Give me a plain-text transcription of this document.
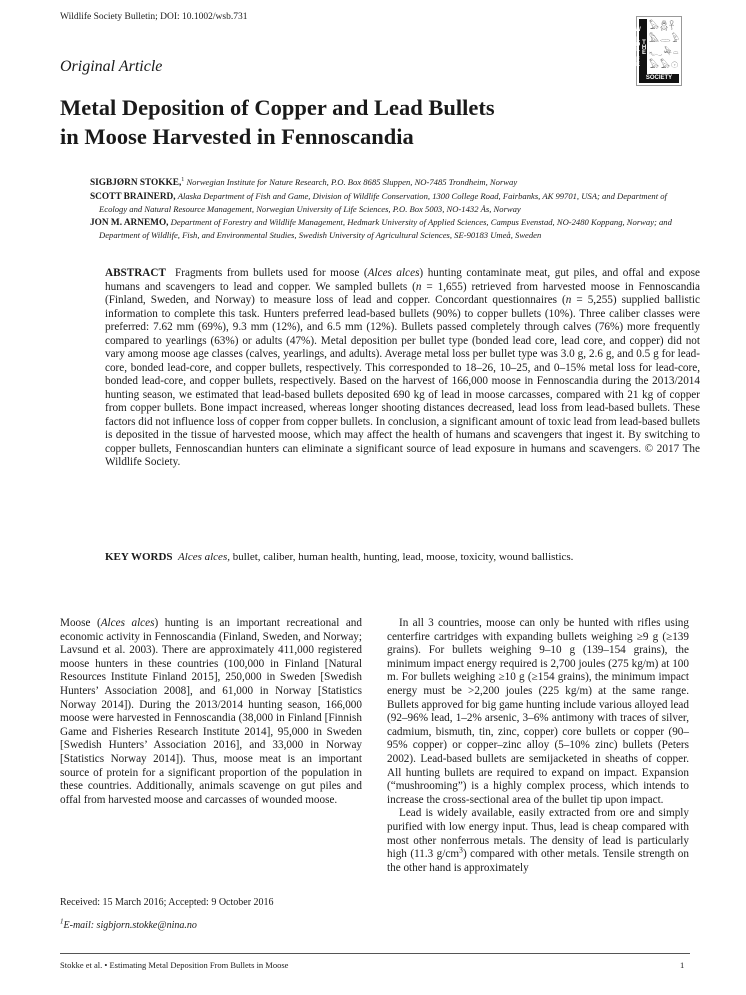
Wildlife Society Bulletin; DOI: 10.1002/wsb.731
THE WILDLIFE
𓅃𓆣𓋹
𓅓𓂋𓅱
𓆑𓅆𓏏
𓅃𓅃𓇳
SOCIETY
Original Article
Metal Deposition of Copper and Lead Bullets
in Moose Harvested in Fennoscandia
SIGBJØRN STOKKE,$^1$ Norwegian Institute for Nature Research, P.O. Box 8685 Sluppen, NO-7485 Trondheim, Norway
SCOTT BRAINERD, Alaska Department of Fish and Game, Division of Wildlife Conservation, 1300 College Road, Fairbanks, AK 99701, USA; and Department of Ecology and Natural Resource Management, Norwegian University of Life Sciences, P.O. Box 5003, NO-1432 Ås, Norway
JON M. ARNEMO, Department of Forestry and Wildlife Management, Hedmark University of Applied Sciences, Campus Evenstad, NO-2480 Koppang, Norway; and Department of Wildlife, Fish, and Environmental Studies, Swedish University of Agricultural Sciences, SE-90183 Umeå, Sweden
ABSTRACT Fragments from bullets used for moose (Alces alces) hunting contaminate meat, gut piles, and offal and expose humans and scavengers to lead and copper. We sampled bullets (n = 1,655) retrieved from harvested moose in Fennoscandia (Finland, Sweden, and Norway) to measure loss of lead and copper. Concordant questionnaires (n = 5,255) supplied ballistic information to complete this task. Hunters preferred lead-based bullets (90%) to copper bullets (10%). Three caliber classes were preferred: 7.62 mm (69%), 9.3 mm (12%), and 6.5 mm (12%). Bullets passed completely through calves (76%) more frequently compared to yearlings (63%) or adults (47%). Metal deposition per bullet type (bonded lead core, lead core, and copper) did not vary among moose age classes (calves, yearlings, and adults). Average metal loss per bullet type was 3.0 g, 2.6 g, and 0.5 g for lead-core, bonded lead-core, and copper bullets, respectively. This corresponded to 18–26, 10–25, and 0–15% metal loss for lead-core, bonded lead-core, and copper bullets, respectively. Based on the harvest of 166,000 moose in Fennoscandia during the 2013/2014 hunting season, we estimated that lead-based bullets deposited 690 kg of lead in moose carcasses, compared with 21 kg of copper from copper bullets. Bone impact increased, whereas longer shooting distances decreased, lead loss from lead-based bullets. These factors did not influence loss of copper from copper bullets. In conclusion, a significant amount of toxic lead from lead-based bullets is deposited in the tissue of harvested moose, which may affect the health of humans and scavengers that ingest it. By switching to copper bullets, Fennoscandian hunters can eliminate a significant source of lead exposure in humans and scavengers. © 2017 The Wildlife Society.
KEY WORDS Alces alces, bullet, caliber, human health, hunting, lead, moose, toxicity, wound ballistics.

Moose (Alces alces) hunting is an important recreational and economic activity in Fennoscandia (Finland, Sweden, and Norway; Lavsund et al. 2003). There are approximately 411,000 registered moose hunters in these countries (100,000 in Finland [Natural Resources Institute Finland 2015], 250,000 in Sweden [Swedish Hunters’ Association 2008], and 61,000 in Norway [Statistics Norway 2014]). During the 2013/2014 hunting season, 166,000 moose were harvested in Fennoscandia (38,000 in Finland [Finnish Game and Fisheries Research Institute 2014], 95,000 in Sweden [Swedish Hunters’ Association 2016], and 33,000 in Norway [Statistics Norway 2014]). Thus, moose meat is an important source of protein for a significant proportion of the population in these countries. Additionally, animals scavenge on gut piles and offal from harvested moose and carcasses of wounded moose.

In all 3 countries, moose can only be hunted with rifles using centerfire cartridges with expanding bullets weighing ≥9 g (≥139 grains). For bullets weighing 9–10 g (139–154 grains), the minimum impact energy required is 2,700 joules (275 kg/m) at 100 m. For bullets weighing ≥10 g (≥154 grains), the minimum impact energy must be >2,200 joules (225 kg/m) at the same range. Bullets approved for big game hunting include various alloyed lead (92–96% lead, 1–2% arsenic, 3–6% antimony with traces of silver, cadmium, bismuth, tin, zinc, copper) core bullets or copper (90–95% copper) or copper–zinc alloy (5–10% zinc) bullets (Peters 2002). Lead-based bullets are semijacketed in sheaths of copper. All hunting bullets are required to expand on impact. Expansion (“mushrooming”) is a highly complex process, which intends to increase the cross-sectional area of the bullet tip upon impact.

Lead is widely available, easily extracted from ore and simply purified with low energy input. Thus, lead is cheap compared with most other nonferrous metals. The density of lead is particularly high (11.3 $g/cm^3$) compared with other metals. Tensile strength on the other hand is approximately

Received: 15 March 2016; Accepted: 9 October 2016
$^1$E-mail: sigbjorn.stokke@nina.no
Stokke et al. • Estimating Metal Deposition From Bullets in Moose	1
